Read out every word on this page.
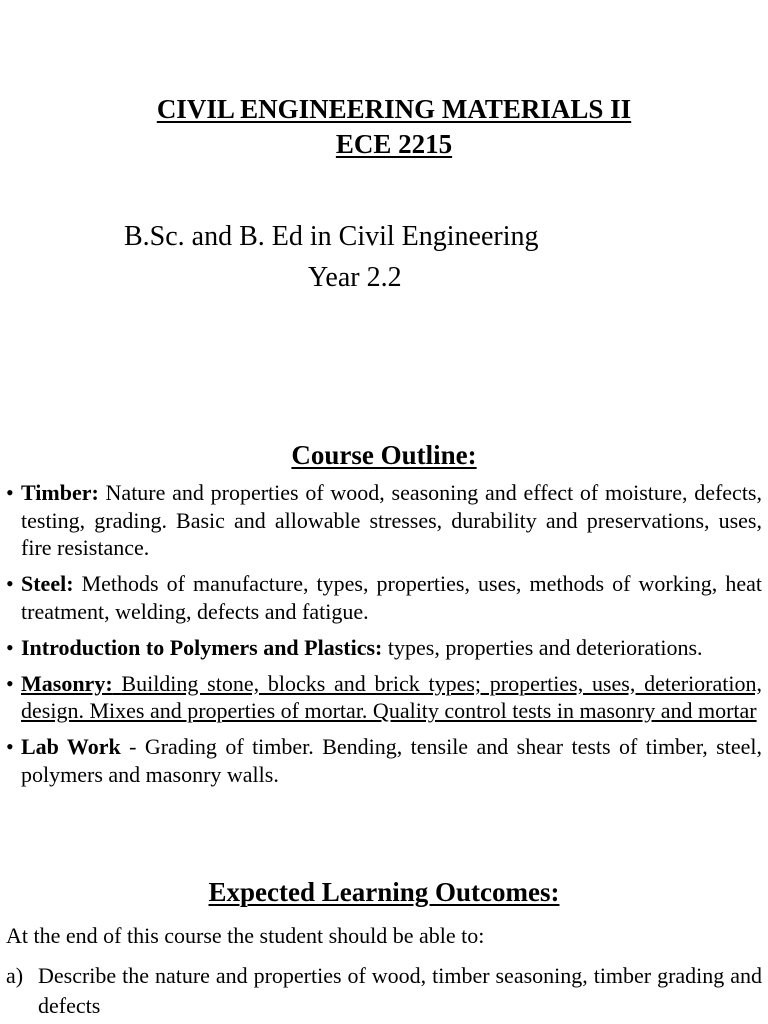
CIVIL ENGINEERING MATERIALS II
ECE 2215
B.Sc. and B. Ed in Civil Engineering
Year 2.2
Course Outline:
• Timber: Nature and properties of wood, seasoning and effect of moisture, defects, testing, grading. Basic and allowable stresses, durability and preservations, uses, fire resistance.
• Steel: Methods of manufacture, types, properties, uses, methods of working, heat treatment, welding, defects and fatigue.
• Introduction to Polymers and Plastics: types, properties and deteriorations.
• Masonry: Building stone, blocks and brick types; properties, uses, deterioration, design. Mixes and properties of mortar. Quality control tests in masonry and mortar
• Lab Work - Grading of timber. Bending, tensile and shear tests of timber, steel, polymers and masonry walls.
Expected Learning Outcomes:
At the end of this course the student should be able to:
a) Describe the nature and properties of wood, timber seasoning, timber grading and defects
